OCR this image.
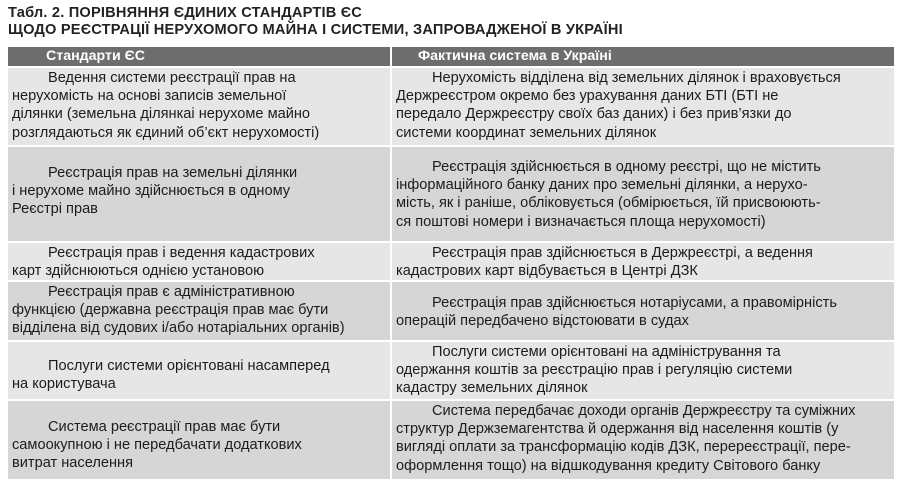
Табл. 2. ПОРІВНЯННЯ ЄДИНИХ СТАНДАРТІВ ЄС
ЩОДО РЕЄСТРАЦІЇ НЕРУХОМОГО МАЙНА І СИСТЕМИ, ЗАПРОВАДЖЕНОЇ В УКРАЇНІ
Стандарти ЄС	Фактична система в Україні
Ведення системи реєстрації прав на
нерухомість на основі записів земельної
ділянки (земельна ділянкаі нерухоме майно
розглядаються як єдиний об’єкт нерухомості)
Нерухомість відділена від земельних ділянок і враховується
Держреєстром окремо без урахування даних БТІ (БТІ не
передало Держреєстру своїх баз даних) і без прив’язки до
системи координат земельних ділянок
Реєстрація прав на земельні ділянки
і нерухоме майно здійснюється в одному
Реєстрі прав
Реєстрація здійснюється в одному реєстрі, що не містить
інформаційного банку даних про земельні ділянки, а нерухо-
мість, як і раніше, обліковується (обмірюється, їй присвоюють-
ся поштові номери і визначається площа нерухомості)
Реєстрація прав і ведення кадастрових
карт здійснюються однією установою
Реєстрація прав здійснюється в Держреєстрі, а ведення
кадастрових карт відбувається в Центрі ДЗК
Реєстрація прав є адміністративною
функцією (державна реєстрація прав має бути
відділена від судових і/або нотаріальних органів)
Реєстрація прав здійснюється нотаріусами, а правомірність
операцій передбачено відстоювати в судах
Послуги системи орієнтовані насамперед
на користувача
Послуги системи орієнтовані на адміністрування та
одержання коштів за реєстрацію прав і регуляцію системи
кадастру земельних ділянок
Система реєстрації прав має бути
самоокупною і не передбачати додаткових
витрат населення
Система передбачає доходи органів Держреєстру та суміжних
структур Держземагентства й одержання від населення коштів (у
вигляді оплати за трансформацію кодів ДЗК, перереєстрації, пере-
оформлення тощо) на відшкодування кредиту Світового банку
